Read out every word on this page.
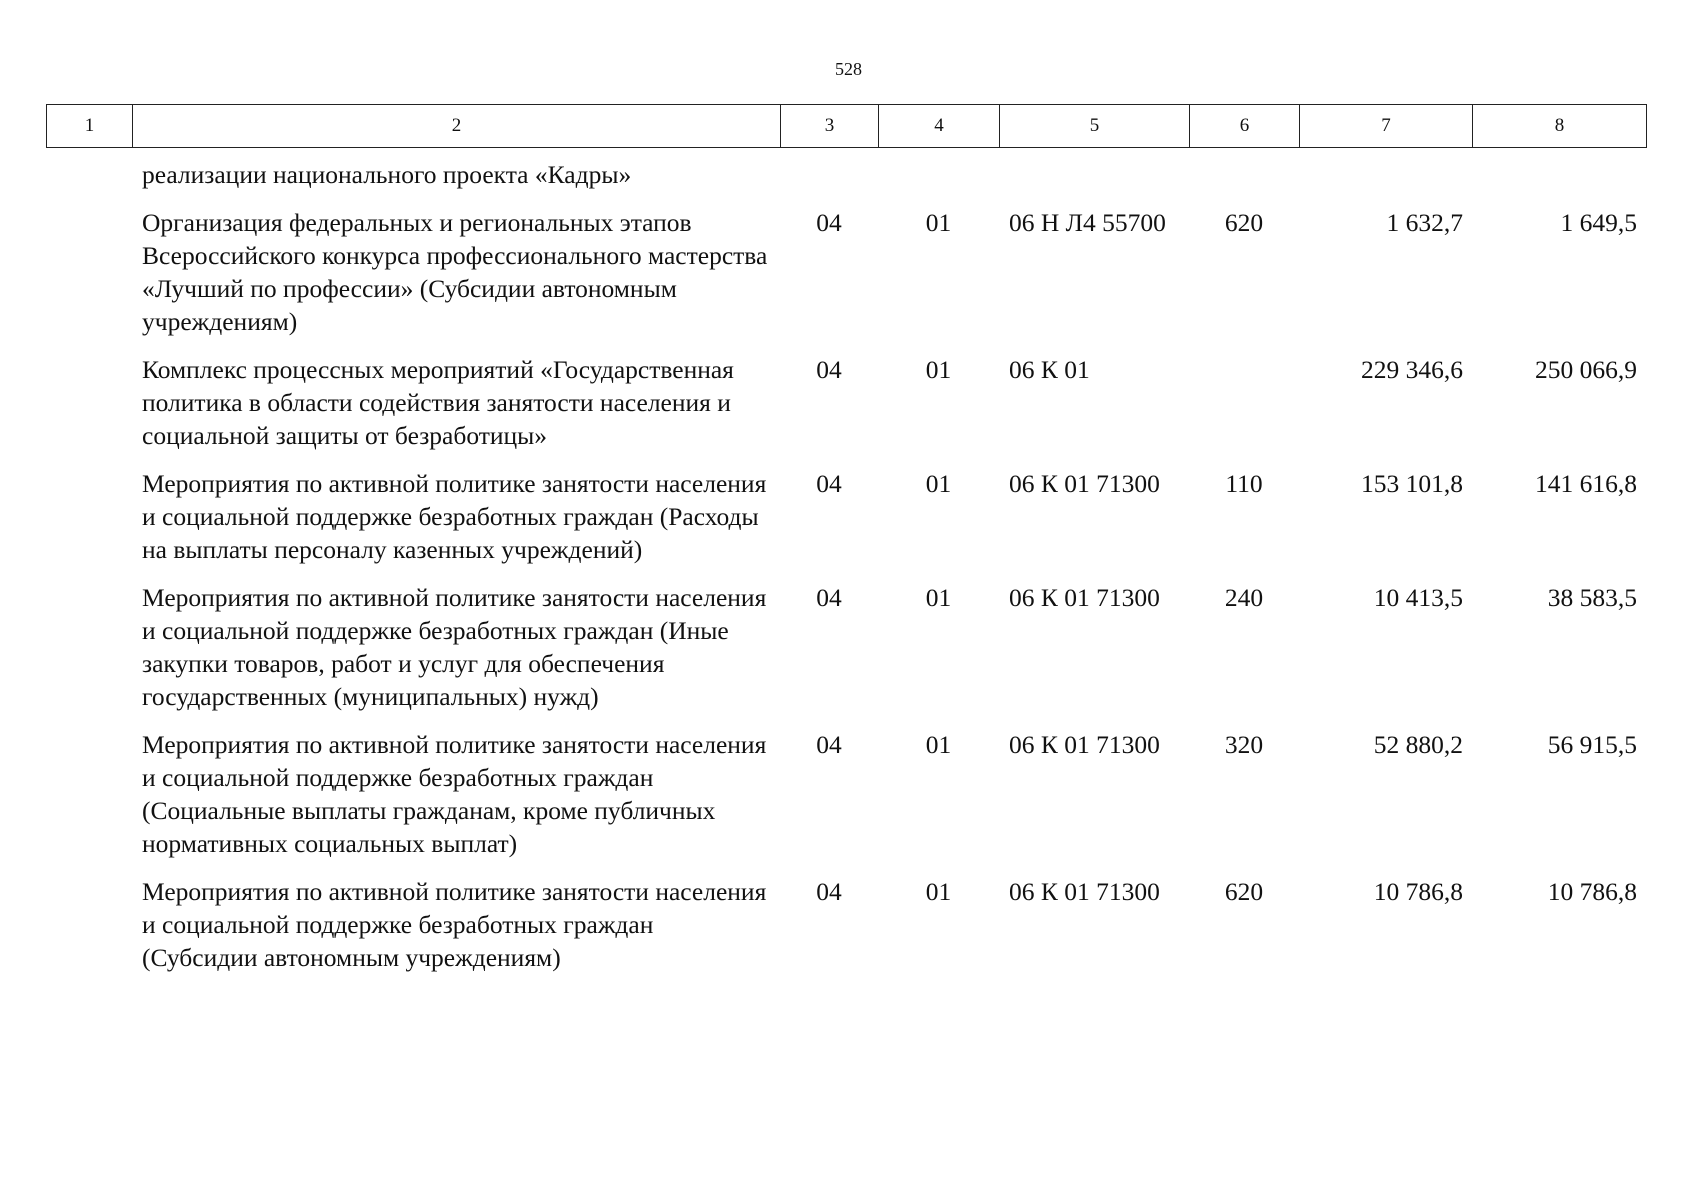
528
1	2	3	4	5	6	7	8
реализации национального проекта «Кадры»						

Организация федеральных и региональных этапов Всероссийского конкурса профессионального мастерства «Лучший по профессии» (Субсидии автономным учреждениям)	04	01	06 Н Л4 55700	620	1 632,7	1 649,5

Комплекс процессных мероприятий «Государственная политика в области содействия занятости населения и социальной защиты от безработицы»	04	01	06 К 01		229 346,6	250 066,9

Мероприятия по активной политике занятости населения и социальной поддержке безработных граждан (Расходы на выплаты персоналу казенных учреждений)	04	01	06 К 01 71300	110	153 101,8	141 616,8

Мероприятия по активной политике занятости населения и социальной поддержке безработных граждан (Иные закупки товаров, работ и услуг для обеспечения государственных (муниципальных) нужд)	04	01	06 К 01 71300	240	10 413,5	38 583,5

Мероприятия по активной политике занятости населения и социальной поддержке безработных граждан (Социальные выплаты гражданам, кроме публичных нормативных социальных выплат)	04	01	06 К 01 71300	320	52 880,2	56 915,5

Мероприятия по активной политике занятости населения и социальной поддержке безработных граждан (Субсидии автономным учреждениям)	04	01	06 К 01 71300	620	10 786,8	10 786,8
